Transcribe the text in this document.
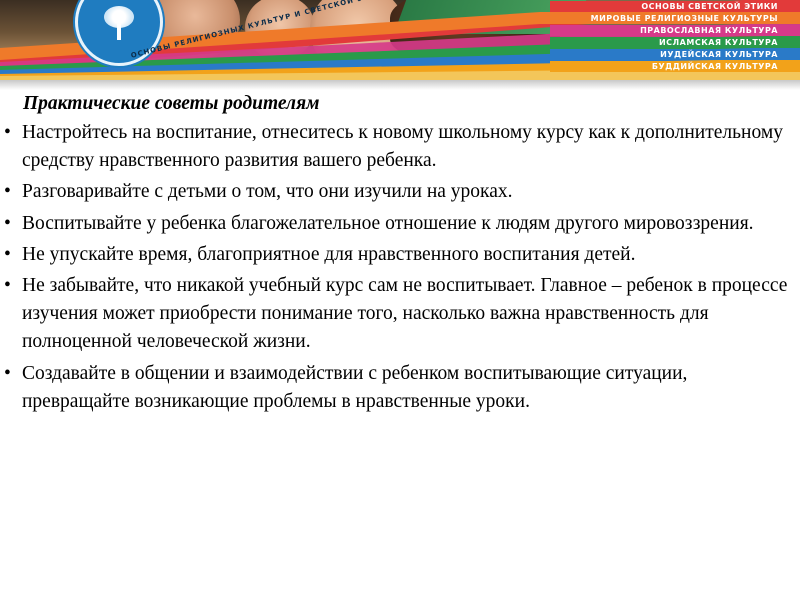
ОСНОВЫ РЕЛИГИОЗНЫХ КУЛЬТУР И СВЕТСКОЙ	ОСНОВЫ СВЕТСКОЙ ЭТИКИ
МИРОВЫЕ РЕЛИГИОЗНЫЕ КУЛЬТУРЫ
ПРАВОСЛАВНАЯ КУЛЬТУРА
ИСЛАМСКАЯ КУЛЬТУРА
ИУДЕЙСКАЯ КУЛЬТУРА
БУДДИЙСКАЯ КУЛЬТУРА
Практические советы родителям
• Настройтесь на воспитание, отнеситесь к новому школьному курсу как к дополнительному средству нравственного развития вашего ребенка.
• Разговаривайте с детьми о том, что они изучили на уроках.
• Воспитывайте у ребенка благожелательное отношение к людям другого мировоззрения.
• Не упускайте время, благоприятное для нравственного воспитания детей.
• Не забывайте, что никакой учебный курс сам не воспитывает. Главное – ребенок в процессе изучения может приобрести понимание того, насколько важна нравственность для полноценной человеческой жизни.
• Создавайте в общении и взаимодействии с ребенком воспитывающие ситуации, превращайте возникающие проблемы в нравственные уроки.
